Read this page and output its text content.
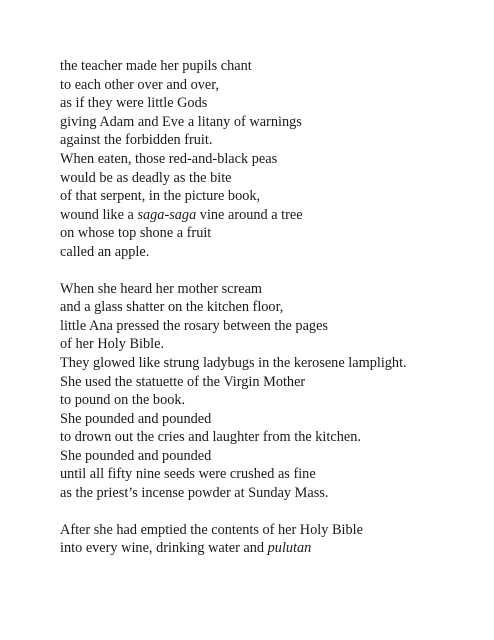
the teacher made her pupils chant
to each other over and over,
as if they were little Gods
giving Adam and Eve a litany of warnings
against the forbidden fruit.
When eaten, those red-and-black peas
would be as deadly as the bite
of that serpent, in the picture book,
wound like a saga-saga vine around a tree
on whose top shone a fruit
called an apple.
When she heard her mother scream
and a glass shatter on the kitchen floor,
little Ana pressed the rosary between the pages
of her Holy Bible.
They glowed like strung ladybugs in the kerosene lamplight.
She used the statuette of the Virgin Mother
to pound on the book.
She pounded and pounded
to drown out the cries and laughter from the kitchen.
She pounded and pounded
until all fifty nine seeds were crushed as fine
as the priest’s incense powder at Sunday Mass.
After she had emptied the contents of her Holy Bible
into every wine, drinking water and pulutan
